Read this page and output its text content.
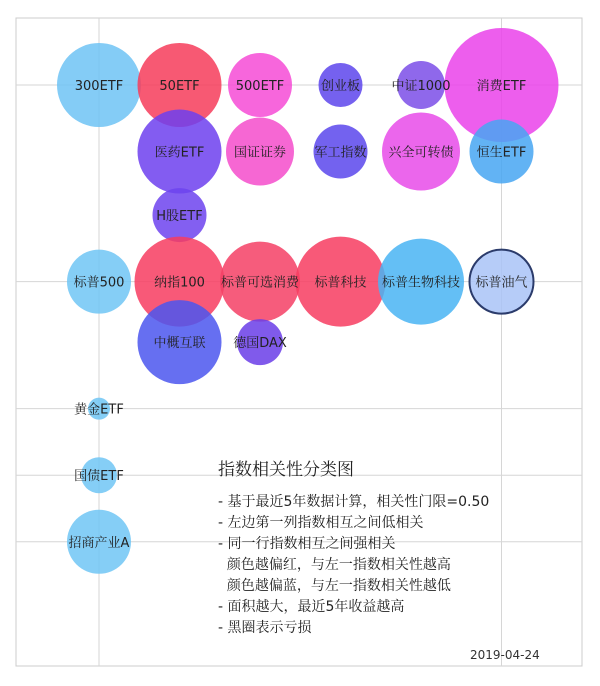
300ETF	50ETF	500ETF	创业板 中证1000 消费ETF
医药ETF 国证证券 军工指数 兴全可转债 恒生ETF
H股ETF
标普500 纳指100 标普可选消费 标普科技 标普生物科技 标普油气
中概互联 德国DAX
黄金ETF
国债ETF
招商产业A
指数相关性分类图
- 基于最近5年数据计算，相关性门限=0.50
- 左边第一列指数相互之间低相关
- 同一行指数相互之间强相关
颜色越偏红，与左一指数相关性越高
颜色越偏蓝，与左一指数相关性越低
- 面积越大，最近5年收益越高
- 黑圈表示亏损
2019-04-24
